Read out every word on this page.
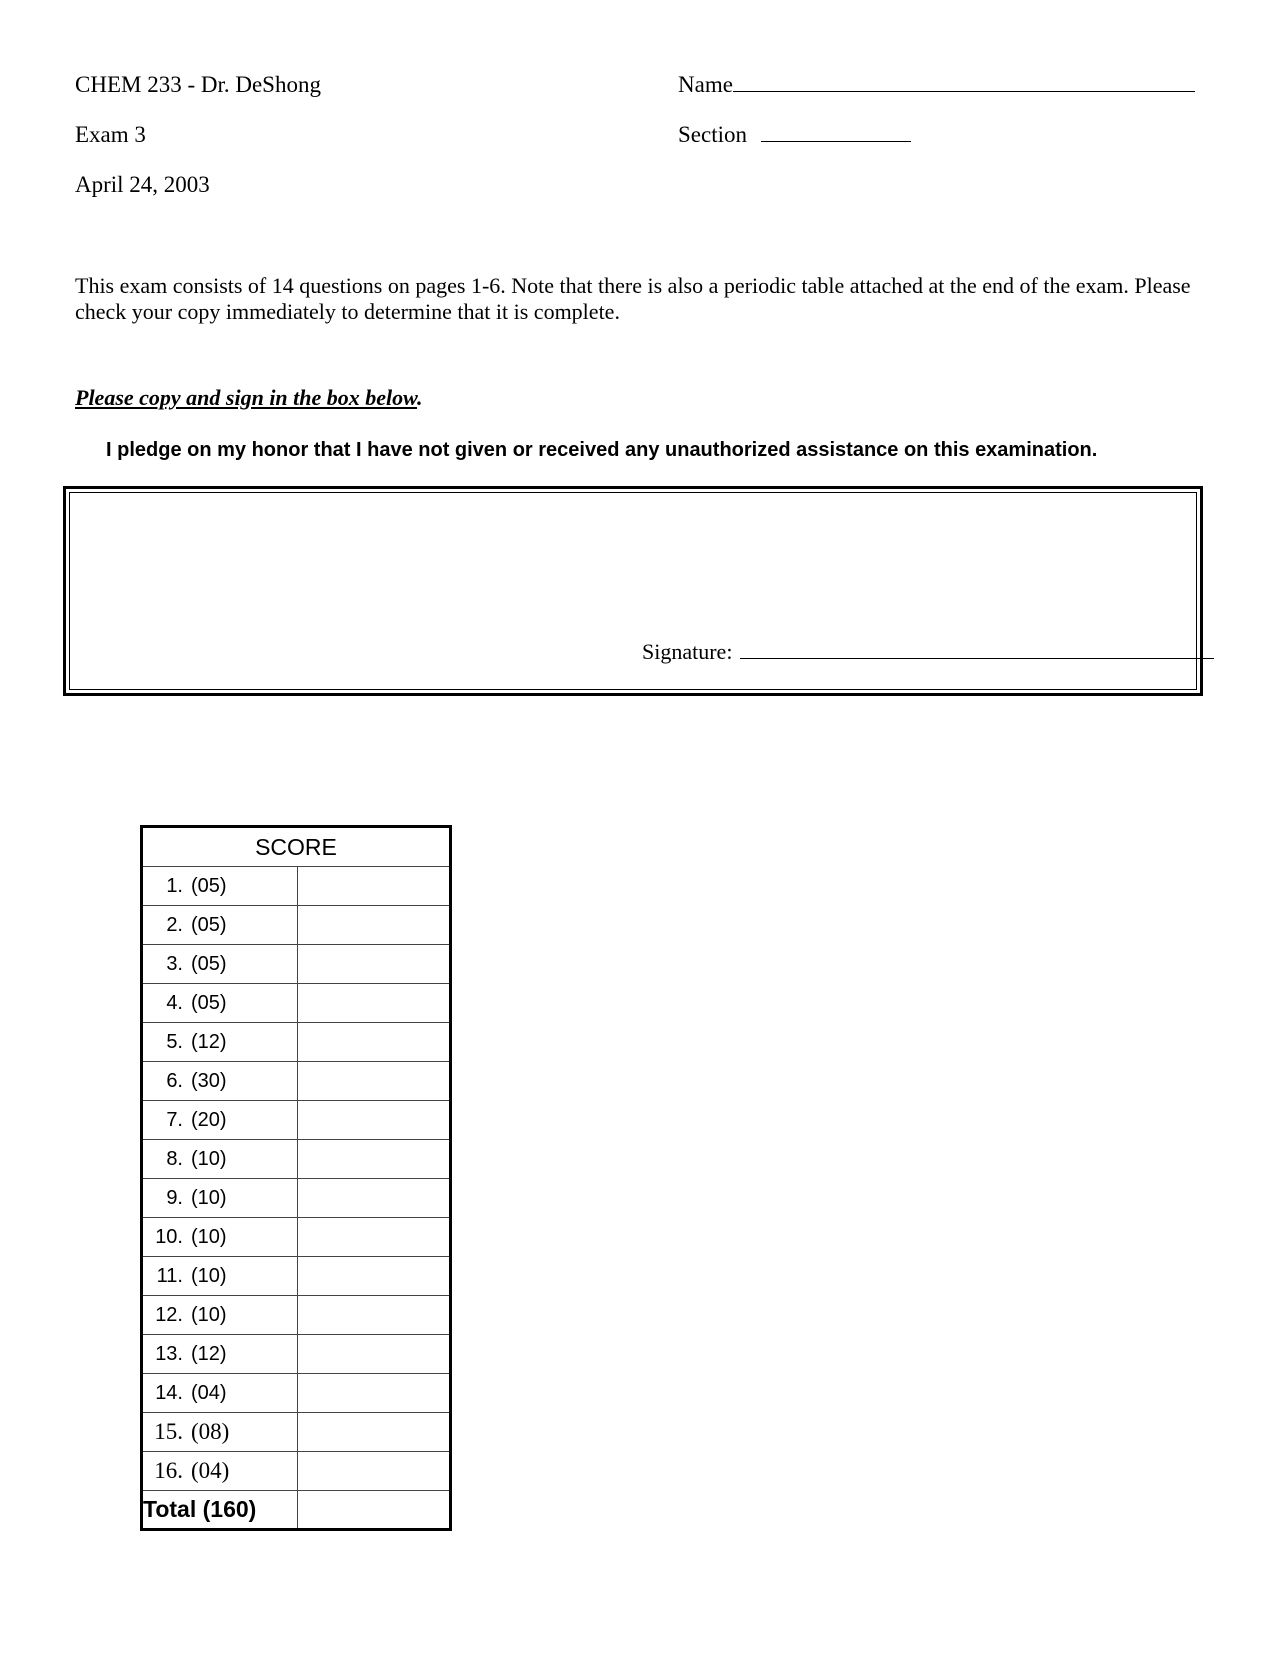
CHEM 233 - Dr. DeShong
Exam 3
April 24, 2003
Name
Section
This exam consists of 14 questions on pages 1-6. Note that there is also a periodic table attached at the end of the exam. Please check your copy immediately to determine that it is complete.
Please copy and sign in the box below.
I pledge on my honor that I have not given or received any unauthorized assistance on this examination.
Signature:
SCORE	
1. (05)	
2. (05)	
3. (05)	
4. (05)	
5. (12)	
6. (30)	
7. (20)	
8. (10)	
9. (10)	
10. (10)	
11. (10)	
12. (10)	
13. (12)	
14. (04)	
15. (08)	
16. (04)	
Total (160)	
